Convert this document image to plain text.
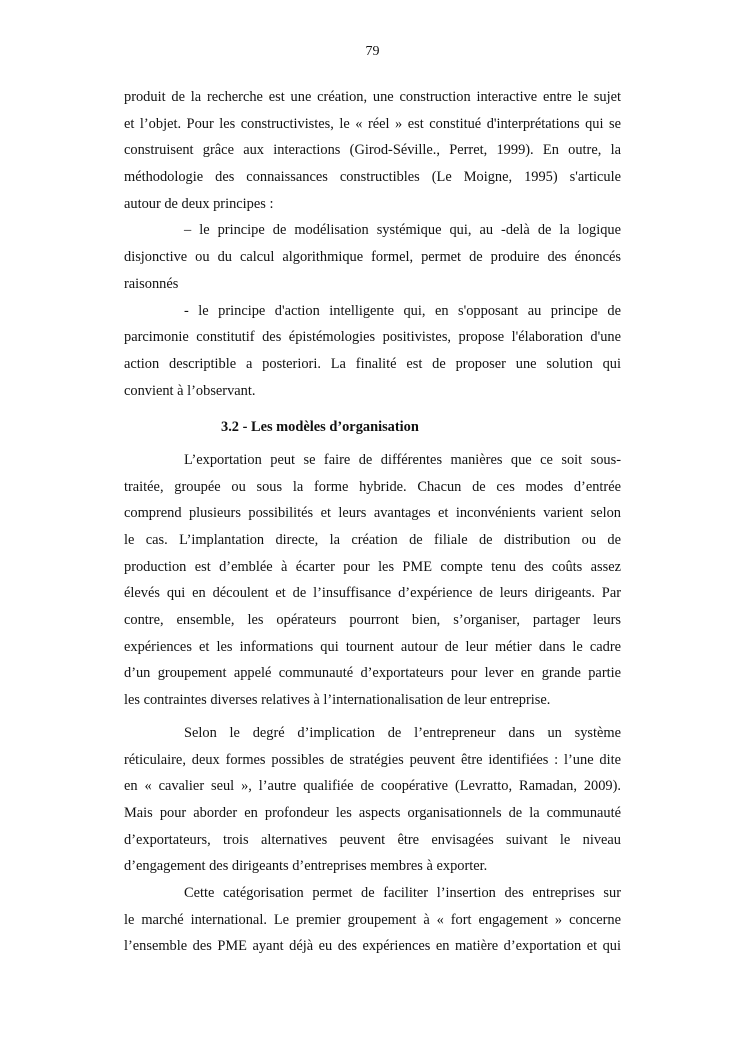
79
produit de la recherche est une création, une construction interactive entre le sujet
et l’objet. Pour les constructivistes, le « réel » est constitué d'interprétations qui se
construisent grâce aux interactions (Girod-Séville., Perret, 1999). En outre, la
méthodologie des connaissances constructibles (Le Moigne, 1995) s'articule
autour de deux principes :
– le principe de modélisation systémique qui, au -delà de la logique
disjonctive ou du calcul algorithmique formel, permet de produire des énoncés
raisonnés
- le principe d'action intelligente qui, en s'opposant au principe de
parcimonie constitutif des épistémologies positivistes, propose l'élaboration d'une
action descriptible a posteriori. La finalité est de proposer une solution qui
convient à l’observant.
3.2 - Les modèles d’organisation
L’exportation peut se faire de différentes manières que ce soit sous-
traitée, groupée ou sous la forme hybride. Chacun de ces modes d’entrée
comprend plusieurs possibilités et leurs avantages et inconvénients varient selon
le cas. L’implantation directe, la création de filiale de distribution ou de
production est d’emblée à écarter pour les PME compte tenu des coûts assez
élevés qui en découlent et de l’insuffisance d’expérience de leurs dirigeants. Par
contre, ensemble, les opérateurs pourront bien, s’organiser, partager leurs
expériences et les informations qui tournent autour de leur métier dans le cadre
d’un groupement appelé communauté d’exportateurs pour lever en grande partie
les contraintes diverses relatives à l’internationalisation de leur entreprise.
Selon le degré d’implication de l’entrepreneur dans un système
réticulaire, deux formes possibles de stratégies peuvent être identifiées : l’une dite
en « cavalier seul », l’autre qualifiée de coopérative (Levratto, Ramadan, 2009).
Mais pour aborder en profondeur les aspects organisationnels de la communauté
d’exportateurs, trois alternatives peuvent être envisagées suivant le niveau
d’engagement des dirigeants d’entreprises membres à exporter.
Cette catégorisation permet de faciliter l’insertion des entreprises sur
le marché international. Le premier groupement à « fort engagement » concerne
l’ensemble des PME ayant déjà eu des expériences en matière d’exportation et qui
